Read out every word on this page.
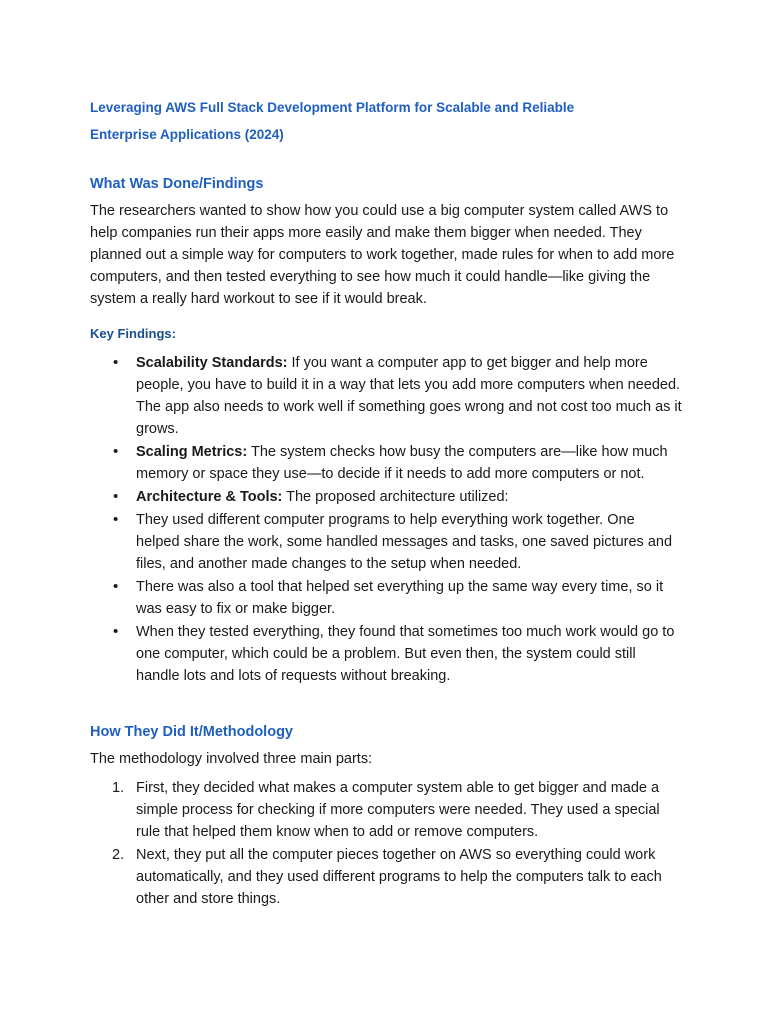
Leveraging AWS Full Stack Development Platform for Scalable and Reliable
Enterprise Applications (2024)
What Was Done/Findings

The researchers wanted to show how you could use a big computer system called AWS to help companies run their apps more easily and make them bigger when needed. They planned out a simple way for computers to work together, made rules for when to add more computers, and then tested everything to see how much it could handle—like giving the system a really hard workout to see if it would break.

Key Findings:
• Scalability Standards: If you want a computer app to get bigger and help more people, you have to build it in a way that lets you add more computers when needed. The app also needs to work well if something goes wrong and not cost too much as it grows.
• Scaling Metrics: The system checks how busy the computers are—like how much memory or space they use—to decide if it needs to add more computers or not.
• Architecture & Tools: The proposed architecture utilized:
• They used different computer programs to help everything work together. One helped share the work, some handled messages and tasks, one saved pictures and files, and another made changes to the setup when needed.
• There was also a tool that helped set everything up the same way every time, so it was easy to fix or make bigger.
• When they tested everything, they found that sometimes too much work would go to one computer, which could be a problem. But even then, the system could still handle lots and lots of requests without breaking.
How They Did It/Methodology

The methodology involved three main parts:

1. First, they decided what makes a computer system able to get bigger and made a simple process for checking if more computers were needed. They used a special rule that helped them know when to add or remove computers.
2. Next, they put all the computer pieces together on AWS so everything could work automatically, and they used different programs to help the computers talk to each other and store things.
